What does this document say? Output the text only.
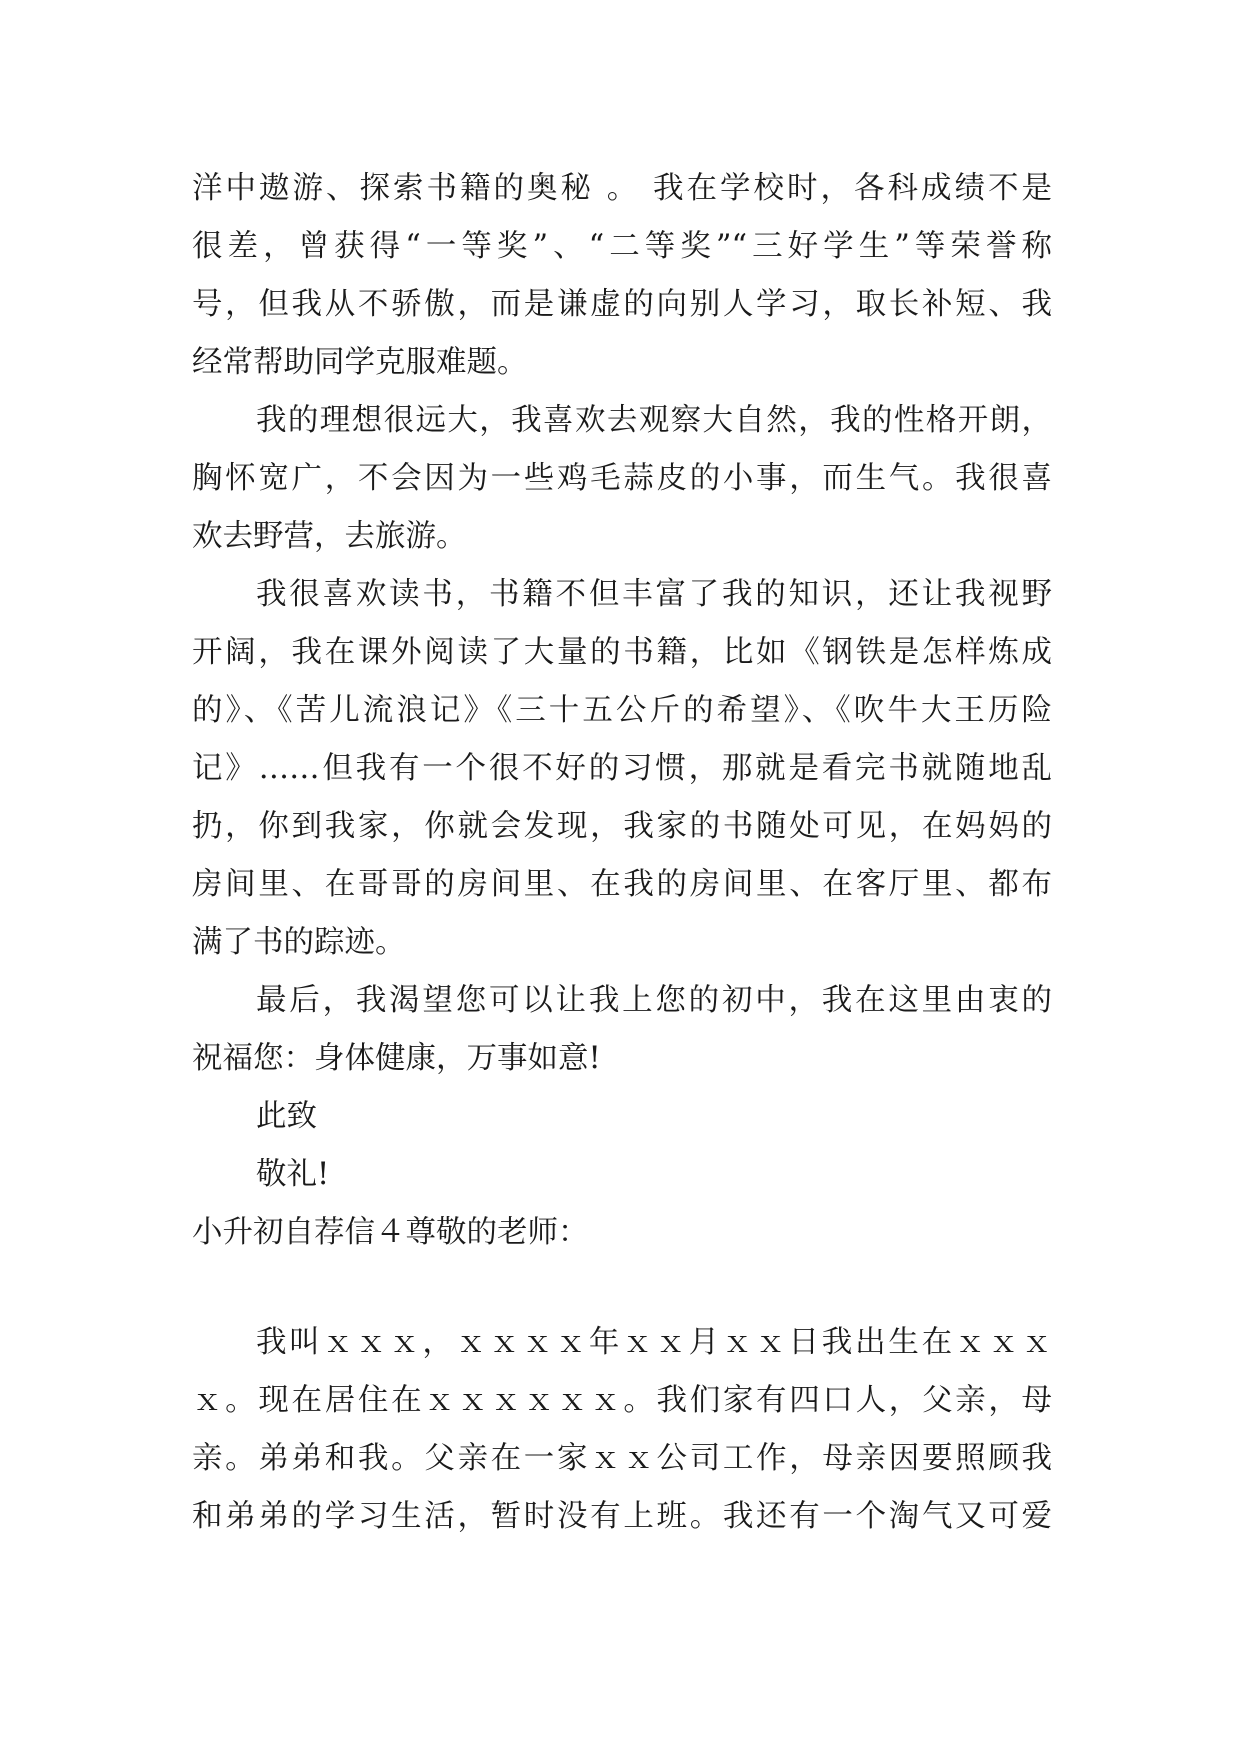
洋中遨游、探索书籍的奥秘 。 我在学校时，各科成绩不是
很差，曾获得“一等奖”、“二等奖”“三好学生”等荣誉称
号，但我从不骄傲，而是谦虚的向别人学习，取长补短、我
经常帮助同学克服难题。
我的理想很远大，我喜欢去观察大自然，我的性格开朗，
胸怀宽广，不会因为一些鸡毛蒜皮的小事，而生气。我很喜
欢去野营，去旅游。
我很喜欢读书，书籍不但丰富了我的知识，还让我视野
开阔，我在课外阅读了大量的书籍，比如《钢铁是怎样炼成
的》、《苦儿流浪记》《三十五公斤的希望》、《吹牛大王历险
记》……但我有一个很不好的习惯，那就是看完书就随地乱
扔，你到我家，你就会发现，我家的书随处可见，在妈妈的
房间里、在哥哥的房间里、在我的房间里、在客厅里、都布
满了书的踪迹。
最后，我渴望您可以让我上您的初中，我在这里由衷的
祝福您：身体健康，万事如意!
此致
敬礼!
小升初自荐信４尊敬的老师：
我叫ｘｘｘ，ｘｘｘｘ年ｘｘ月ｘｘ日我出生在ｘｘｘ
ｘ。现在居住在ｘｘｘｘｘｘ。我们家有四口人，父亲，母
亲。弟弟和我。父亲在一家ｘｘ公司工作，母亲因要照顾我
和弟弟的学习生活，暂时没有上班。我还有一个淘气又可爱
